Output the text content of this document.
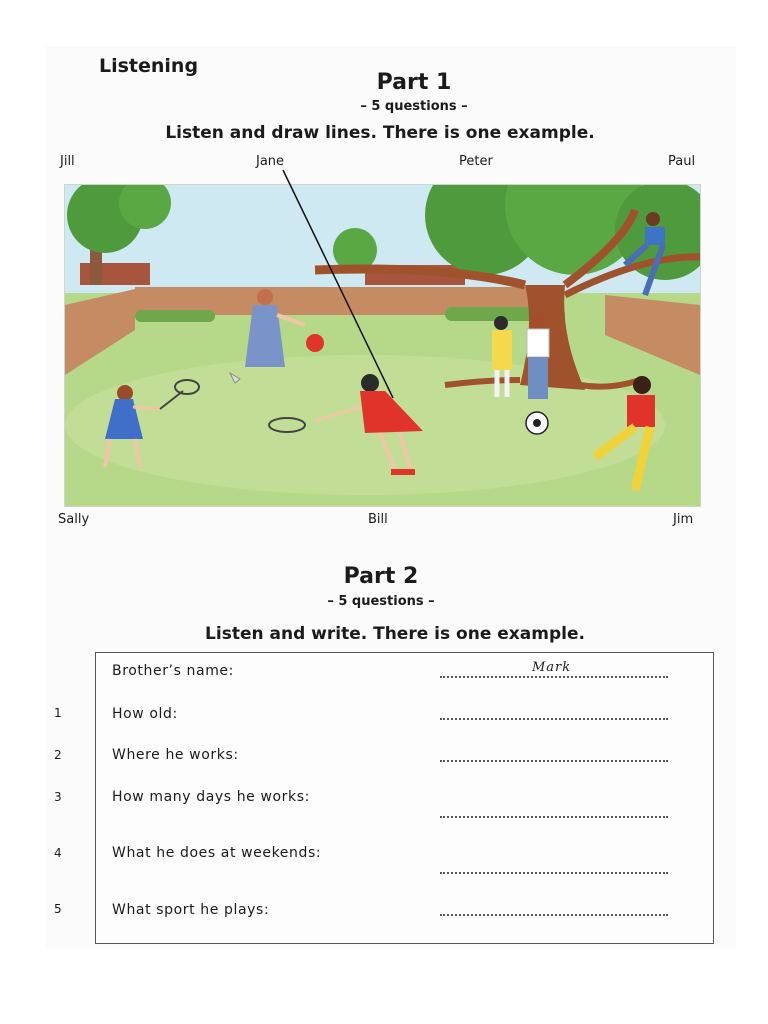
Listening
Part 1
– 5 questions –
Listen and draw lines. There is one example.
Jill	Jane	Peter	Paul
Sally	Bill	Jim
Part 2
– 5 questions –
Listen and write. There is one example.
Brother’s name:	Mark
1	How old:
2	Where he works:
3	How many days he works:
4	What he does at weekends:
5	What sport he plays:
